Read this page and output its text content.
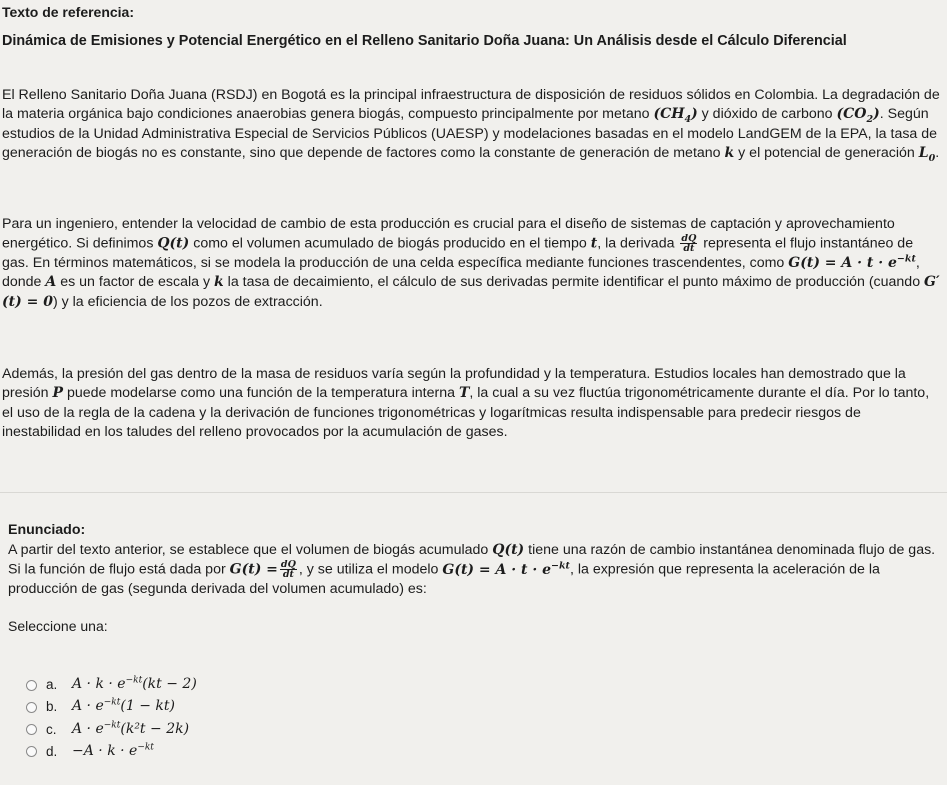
Texto de referencia:
Dinámica de Emisiones y Potencial Energético en el Relleno Sanitario Doña Juana: Un Análisis desde el Cálculo Diferencial

El Relleno Sanitario Doña Juana (RSDJ) en Bogotá es la principal infraestructura de disposición de residuos sólidos en Colombia. La degradación de la materia orgánica bajo condiciones anaerobias genera biogás, compuesto principalmente por metano $(CH_4)$ y dióxido de carbono $(CO_2)$. Según estudios de la Unidad Administrativa Especial de Servicios Públicos (UAESP) y modelaciones basadas en el modelo LandGEM de la EPA, la tasa de generación de biogás no es constante, sino que depende de factores como la constante de generación de metano k y el potencial de generación $L_0$.

Para un ingeniero, entender la velocidad de cambio de esta producción es crucial para el diseño de sistemas de captación y aprovechamiento energético. Si definimos Q(t) como el volumen acumulado de biogás producido en el tiempo t, la derivada $\frac{dQ}{dt}$ representa el flujo instantáneo de gas. En términos matemáticos, si se modela la producción de una celda específica mediante funciones trascendentes, como $G(t) = A \cdot t \cdot e^{-kt}$, donde A es un factor de escala y k la tasa de decaimiento, el cálculo de sus derivadas permite identificar el punto máximo de producción (cuando G′(t) = 0) y la eficiencia de los pozos de extracción.

Además, la presión del gas dentro de la masa de residuos varía según la profundidad y la temperatura. Estudios locales han demostrado que la presión P puede modelarse como una función de la temperatura interna T, la cual a su vez fluctúa trigonométricamente durante el día. Por lo tanto, el uso de la regla de la cadena y la derivación de funciones trigonométricas y logarítmicas resulta indispensable para predecir riesgos de inestabilidad en los taludes del relleno provocados por la acumulación de gases.

Enunciado:

A partir del texto anterior, se establece que el volumen de biogás acumulado Q(t) tiene una razón de cambio instantánea denominada flujo de gas. Si la función de flujo está dada por $G(t) = \frac{dQ}{dt}$ , y se utiliza el modelo $G(t) = A \cdot t \cdot e^{-kt}$, la expresión que representa la aceleración de la producción de gas (segunda derivada del volumen acumulado) es:

Seleccione una:
a.	$A \cdot k \cdot e^{-kt}(kt - 2)$
b.	$A \cdot e^{-kt}(1 - kt)$
c.	$A \cdot e^{-kt}(k^2t - 2k)$
d.	$-A \cdot k \cdot e^{-kt}$
